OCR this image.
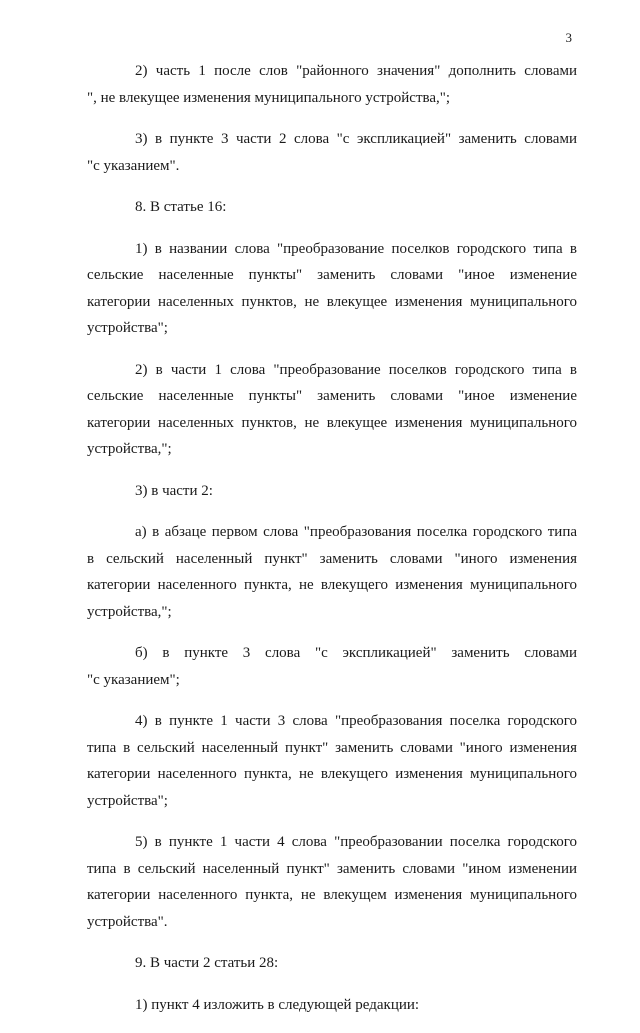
3

2) часть 1 после слов "районного значения" дополнить словами
", не влекущее изменения муниципального устройства,";

3) в пункте 3 части 2 слова "с экспликацией" заменить словами
"с указанием".

8. В статье 16:

1) в названии слова "преобразование поселков городского типа в
сельские населенные пункты" заменить словами "иное изменение
категории населенных пунктов, не влекущее изменения муниципального
устройства";

2) в части 1 слова "преобразование поселков городского типа в
сельские населенные пункты" заменить словами "иное изменение
категории населенных пунктов, не влекущее изменения муниципального
устройства,";

3) в части 2:

а) в абзаце первом слова "преобразования поселка городского типа
в сельский населенный пункт" заменить словами "иного изменения
категории населенного пункта, не влекущего изменения муниципального
устройства,";

б) в пункте 3 слова "с экспликацией" заменить словами
"с указанием";

4) в пункте 1 части 3 слова "преобразования поселка городского
типа в сельский населенный пункт" заменить словами "иного изменения
категории населенного пункта, не влекущего изменения муниципального
устройства";

5) в пункте 1 части 4 слова "преобразовании поселка городского
типа в сельский населенный пункт" заменить словами "ином изменении
категории населенного пункта, не влекущем изменения муниципального
устройства".

9. В части 2 статьи 28:

1) пункт 4 изложить в следующей редакции:
